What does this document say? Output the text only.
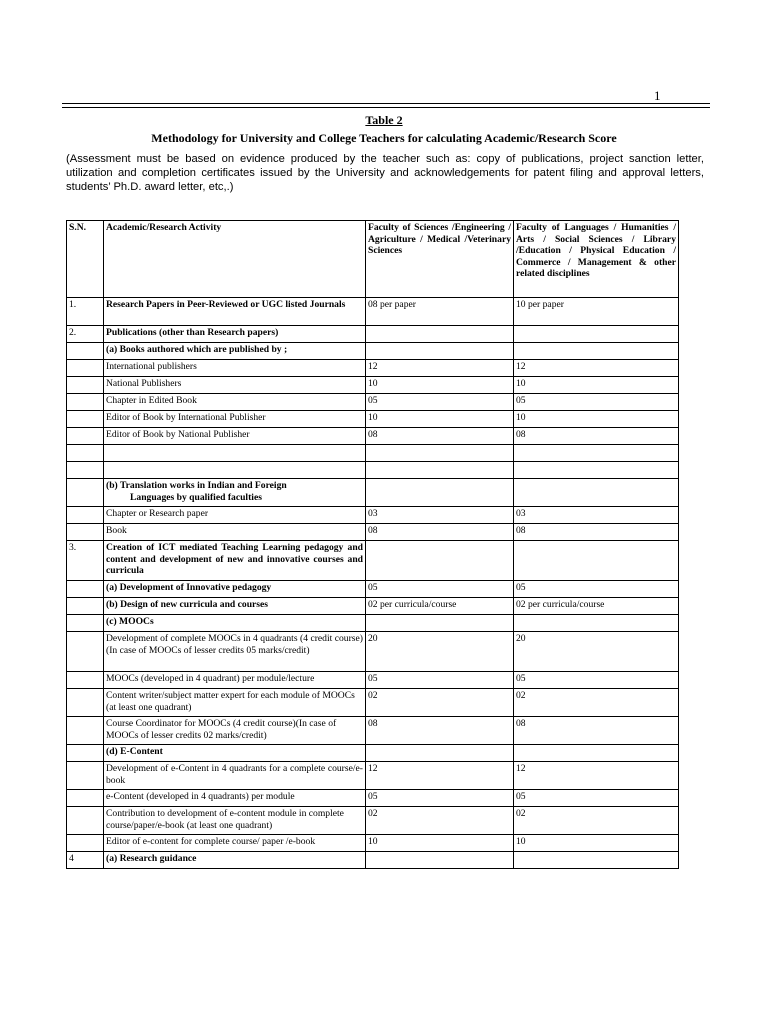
1
Table 2
Methodology for University and College Teachers for calculating Academic/Research Score
(Assessment must be based on evidence produced by the teacher such as: copy of publications, project sanction letter, utilization and completion certificates issued by the University and acknowledgements for patent filing and approval letters, students’ Ph.D. award letter, etc,.)
S.N.	Academic/Research Activity	Faculty of Sciences /Engineering / Agriculture / Medical /Veterinary Sciences	Faculty of Languages / Humanities / Arts / Social Sciences / Library /Education / Physical Education / Commerce / Management & other related disciplines
1.	Research Papers in Peer-Reviewed or UGC listed Journals	08 per paper	10 per paper
2.	Publications (other than Research papers)		
	(a) Books authored which are published by ;		
	International publishers	12	12
	National Publishers	10	10
	Chapter in Edited Book	05	05
	Editor of Book by International Publisher	10	10
	Editor of Book by National Publisher	08	08

	(b) Translation works in Indian and Foreign
Languages by qualified faculties		

	Chapter or Research paper	03	03
	Book	08	08
3.	Creation of ICT mediated Teaching Learning pedagogy and content and development of new and innovative courses and curricula		
	(a) Development of Innovative pedagogy	05	05
	(b) Design of new curricula and courses	02 per curricula/course	02 per curricula/course
	(c) MOOCs		
	Development of complete MOOCs in 4 quadrants (4 credit course)(In case of MOOCs of lesser credits 05 marks/credit)	20	20
	MOOCs (developed in 4 quadrant) per module/lecture	05	05
	Content writer/subject matter expert for each module of MOOCs (at least one quadrant)	02	02
	Course Coordinator for MOOCs (4 credit course)(In case of MOOCs of lesser credits 02 marks/credit)	08	08
	(d) E-Content		
	Development of e-Content in 4 quadrants for a complete course/e-book	12	12
	e-Content (developed in 4 quadrants) per module	05	05
	Contribution to development of e-content module in complete course/paper/e-book (at least one quadrant)	02	02
	Editor of e-content for complete course/ paper /e-book	10	10
4	(a) Research guidance		
